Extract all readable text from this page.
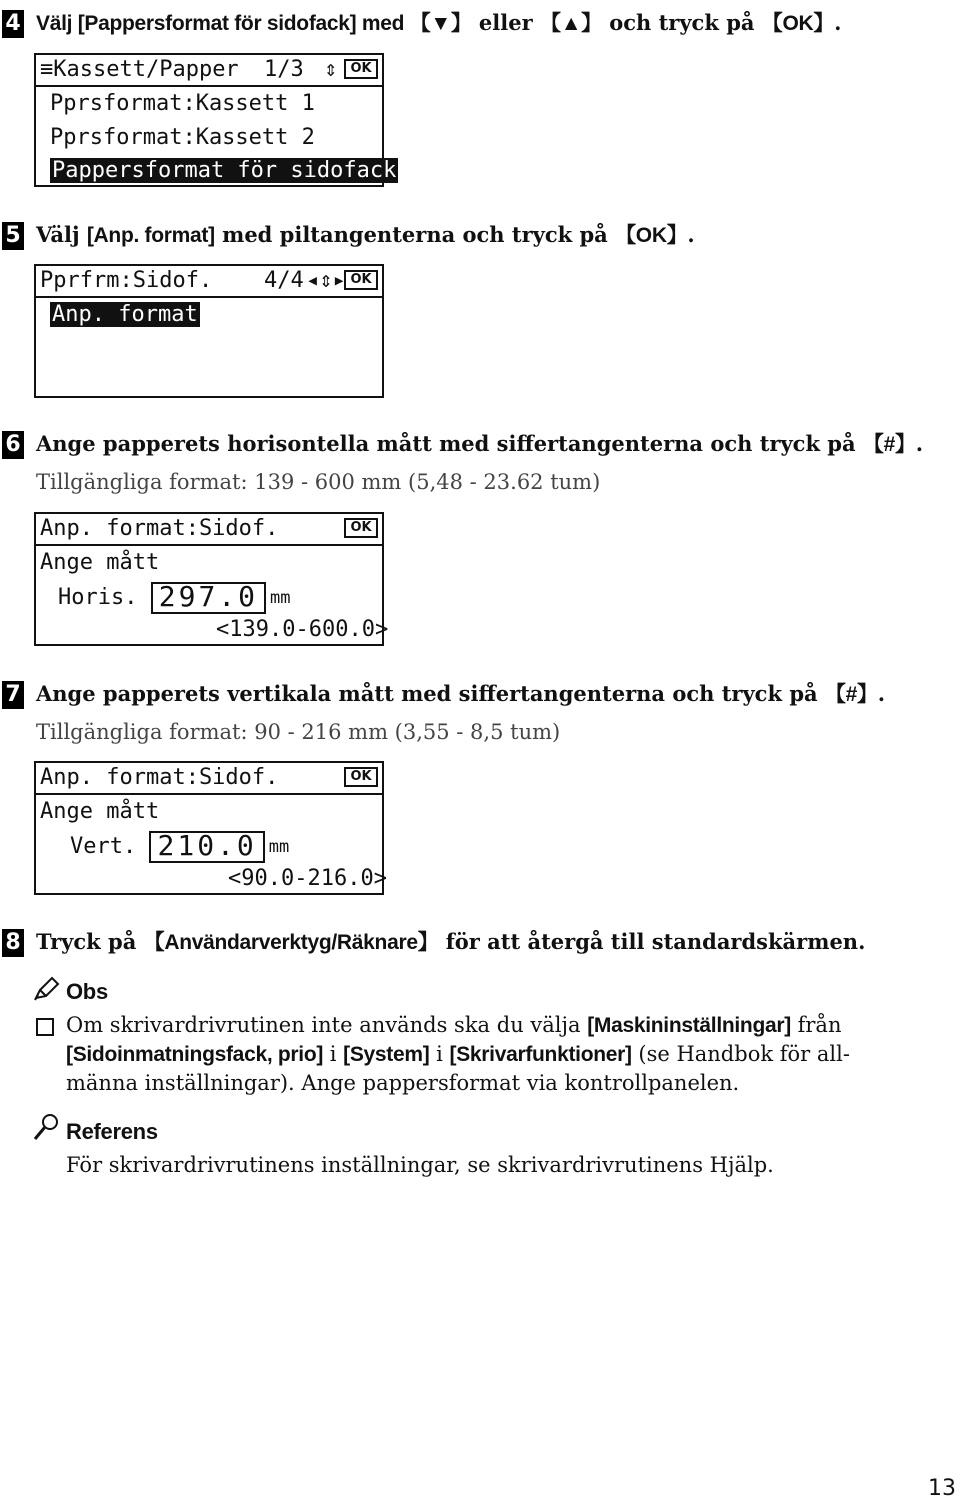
4 Välj [Pappersformat för sidofack] med 【▼】 eller 【▲】 och tryck på 【OK】.
≡Kassett/Papper 1/3 ⇕	OK
Pprsformat:Kassett 1
Pprsformat:Kassett 2
Pappersformat för sidofack
5 Välj [Anp. format] med piltangenterna och tryck på 【OK】.
Pprfrm:Sidof. 4/4 ◂⇕▸ OK
Anp. format
6 Ange papperets horisontella mått med siffertangenterna och tryck på 【#】.
Tillgängliga format: 139 - 600 mm (5,48 - 23.62 tum)
Anp. format:Sidof.	OK
Ange mått
Horis. 297.0 mm
<139.0-600.0>
7 Ange papperets vertikala mått med siffertangenterna och tryck på 【#】.
Tillgängliga format: 90 - 216 mm (3,55 - 8,5 tum)
Anp. format:Sidof.	OK
Ange mått
Vert. 210.0 mm
<90.0-216.0>
8 Tryck på 【Användarverktyg/Räknare】 för att återgå till standardskärmen.
Obs
Om skrivardrivrutinen inte används ska du välja [Maskininställningar] från
[Sidoinmatningsfack, prio] i [System] i [Skrivarfunktioner] (se Handbok för all-
männa inställningar). Ange pappersformat via kontrollpanelen.
Referens
För skrivardrivrutinens inställningar, se skrivardrivrutinens Hjälp.
13
